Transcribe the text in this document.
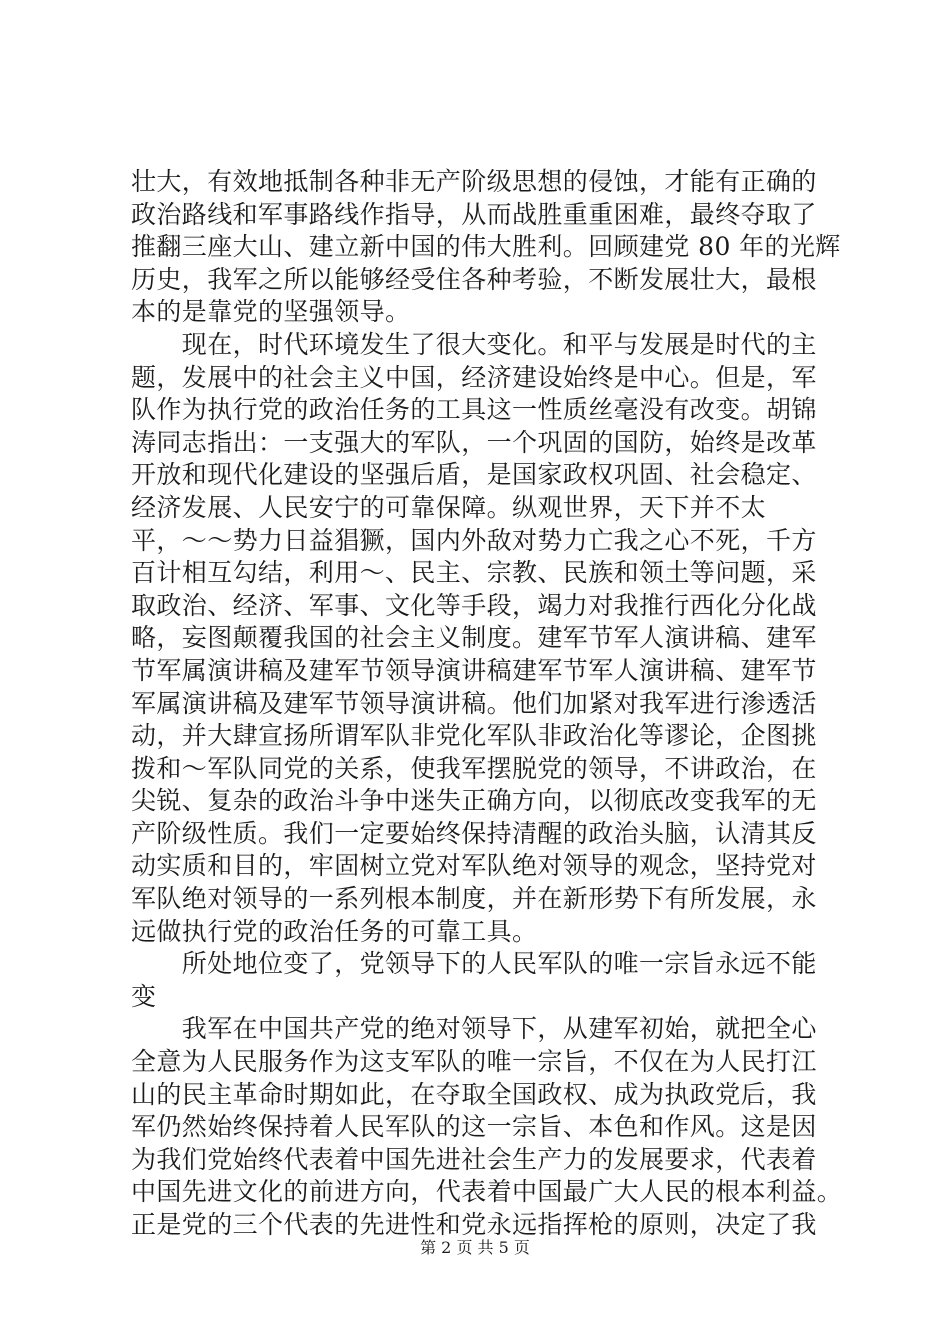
壮大，有效地抵制各种非无产阶级思想的侵蚀，才能有正确的
政治路线和军事路线作指导，从而战胜重重困难，最终夺取了
推翻三座大山、建立新中国的伟大胜利。回顾建党 80 年的光辉
历史，我军之所以能够经受住各种考验，不断发展壮大，最根
本的是靠党的坚强领导。
　　现在，时代环境发生了很大变化。和平与发展是时代的主
题，发展中的社会主义中国，经济建设始终是中心。但是，军
队作为执行党的政治任务的工具这一性质丝毫没有改变。胡锦
涛同志指出：一支强大的军队，一个巩固的国防，始终是改革
开放和现代化建设的坚强后盾，是国家政权巩固、社会稳定、
经济发展、人民安宁的可靠保障。纵观世界，天下并不太
平，～～势力日益猖獗，国内外敌对势力亡我之心不死，千方
百计相互勾结，利用～、民主、宗教、民族和领土等问题，采
取政治、经济、军事、文化等手段，竭力对我推行西化分化战
略，妄图颠覆我国的社会主义制度。建军节军人演讲稿、建军
节军属演讲稿及建军节领导演讲稿建军节军人演讲稿、建军节
军属演讲稿及建军节领导演讲稿。他们加紧对我军进行渗透活
动，并大肆宣扬所谓军队非党化军队非政治化等谬论，企图挑
拨和～军队同党的关系，使我军摆脱党的领导，不讲政治，在
尖锐、复杂的政治斗争中迷失正确方向，以彻底改变我军的无
产阶级性质。我们一定要始终保持清醒的政治头脑，认清其反
动实质和目的，牢固树立党对军队绝对领导的观念，坚持党对
军队绝对领导的一系列根本制度，并在新形势下有所发展，永
远做执行党的政治任务的可靠工具。
　　所处地位变了，党领导下的人民军队的唯一宗旨永远不能
变
　　我军在中国共产党的绝对领导下，从建军初始，就把全心
全意为人民服务作为这支军队的唯一宗旨，不仅在为人民打江
山的民主革命时期如此，在夺取全国政权、成为执政党后，我
军仍然始终保持着人民军队的这一宗旨、本色和作风。这是因
为我们党始终代表着中国先进社会生产力的发展要求，代表着
中国先进文化的前进方向，代表着中国最广大人民的根本利益。
正是党的三个代表的先进性和党永远指挥枪的原则，决定了我
第 2 页 共 5 页
